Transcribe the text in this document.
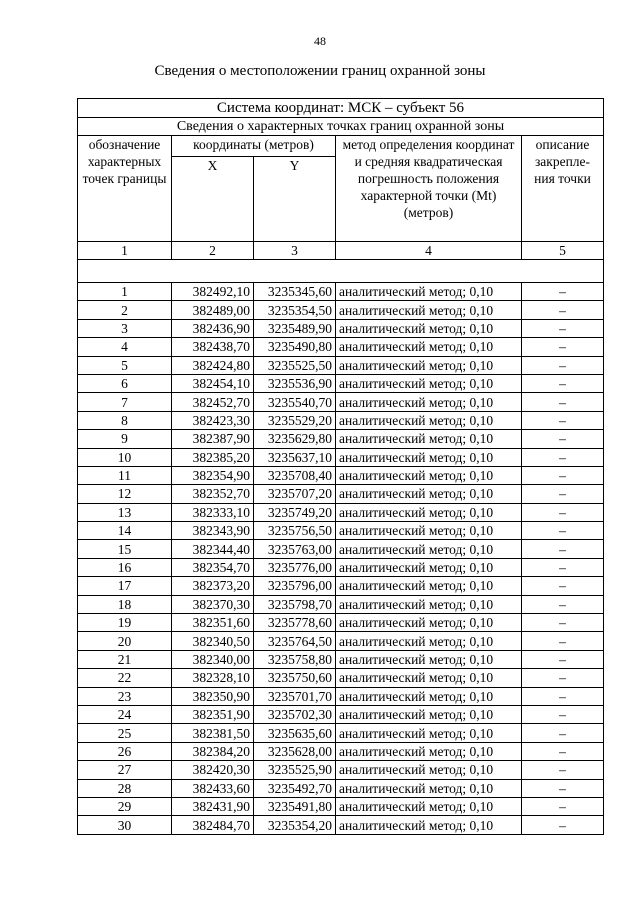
48
Сведения о местоположении границ охранной зоны
Система координат: МСК – субъект 56				
Сведения о характерных точках границ охранной зоны				
обозначение характерных точек границы	координаты (метров)		метод определения координат и средняя квадратическая погрешность положения характерной точки (Mt) (метров)	описание закрепле-ния точки
	X	Y		
1	2	3	4	5

1	382492,10	3235345,60	аналитический метод; 0,10	–
2	382489,00	3235354,50	аналитический метод; 0,10	–
3	382436,90	3235489,90	аналитический метод; 0,10	–
4	382438,70	3235490,80	аналитический метод; 0,10	–
5	382424,80	3235525,50	аналитический метод; 0,10	–
6	382454,10	3235536,90	аналитический метод; 0,10	–
7	382452,70	3235540,70	аналитический метод; 0,10	–
8	382423,30	3235529,20	аналитический метод; 0,10	–
9	382387,90	3235629,80	аналитический метод; 0,10	–
10	382385,20	3235637,10	аналитический метод; 0,10	–
11	382354,90	3235708,40	аналитический метод; 0,10	–
12	382352,70	3235707,20	аналитический метод; 0,10	–
13	382333,10	3235749,20	аналитический метод; 0,10	–
14	382343,90	3235756,50	аналитический метод; 0,10	–
15	382344,40	3235763,00	аналитический метод; 0,10	–
16	382354,70	3235776,00	аналитический метод; 0,10	–
17	382373,20	3235796,00	аналитический метод; 0,10	–
18	382370,30	3235798,70	аналитический метод; 0,10	–
19	382351,60	3235778,60	аналитический метод; 0,10	–
20	382340,50	3235764,50	аналитический метод; 0,10	–
21	382340,00	3235758,80	аналитический метод; 0,10	–
22	382328,10	3235750,60	аналитический метод; 0,10	–
23	382350,90	3235701,70	аналитический метод; 0,10	–
24	382351,90	3235702,30	аналитический метод; 0,10	–
25	382381,50	3235635,60	аналитический метод; 0,10	–
26	382384,20	3235628,00	аналитический метод; 0,10	–
27	382420,30	3235525,90	аналитический метод; 0,10	–
28	382433,60	3235492,70	аналитический метод; 0,10	–
29	382431,90	3235491,80	аналитический метод; 0,10	–
30	382484,70	3235354,20	аналитический метод; 0,10	–
